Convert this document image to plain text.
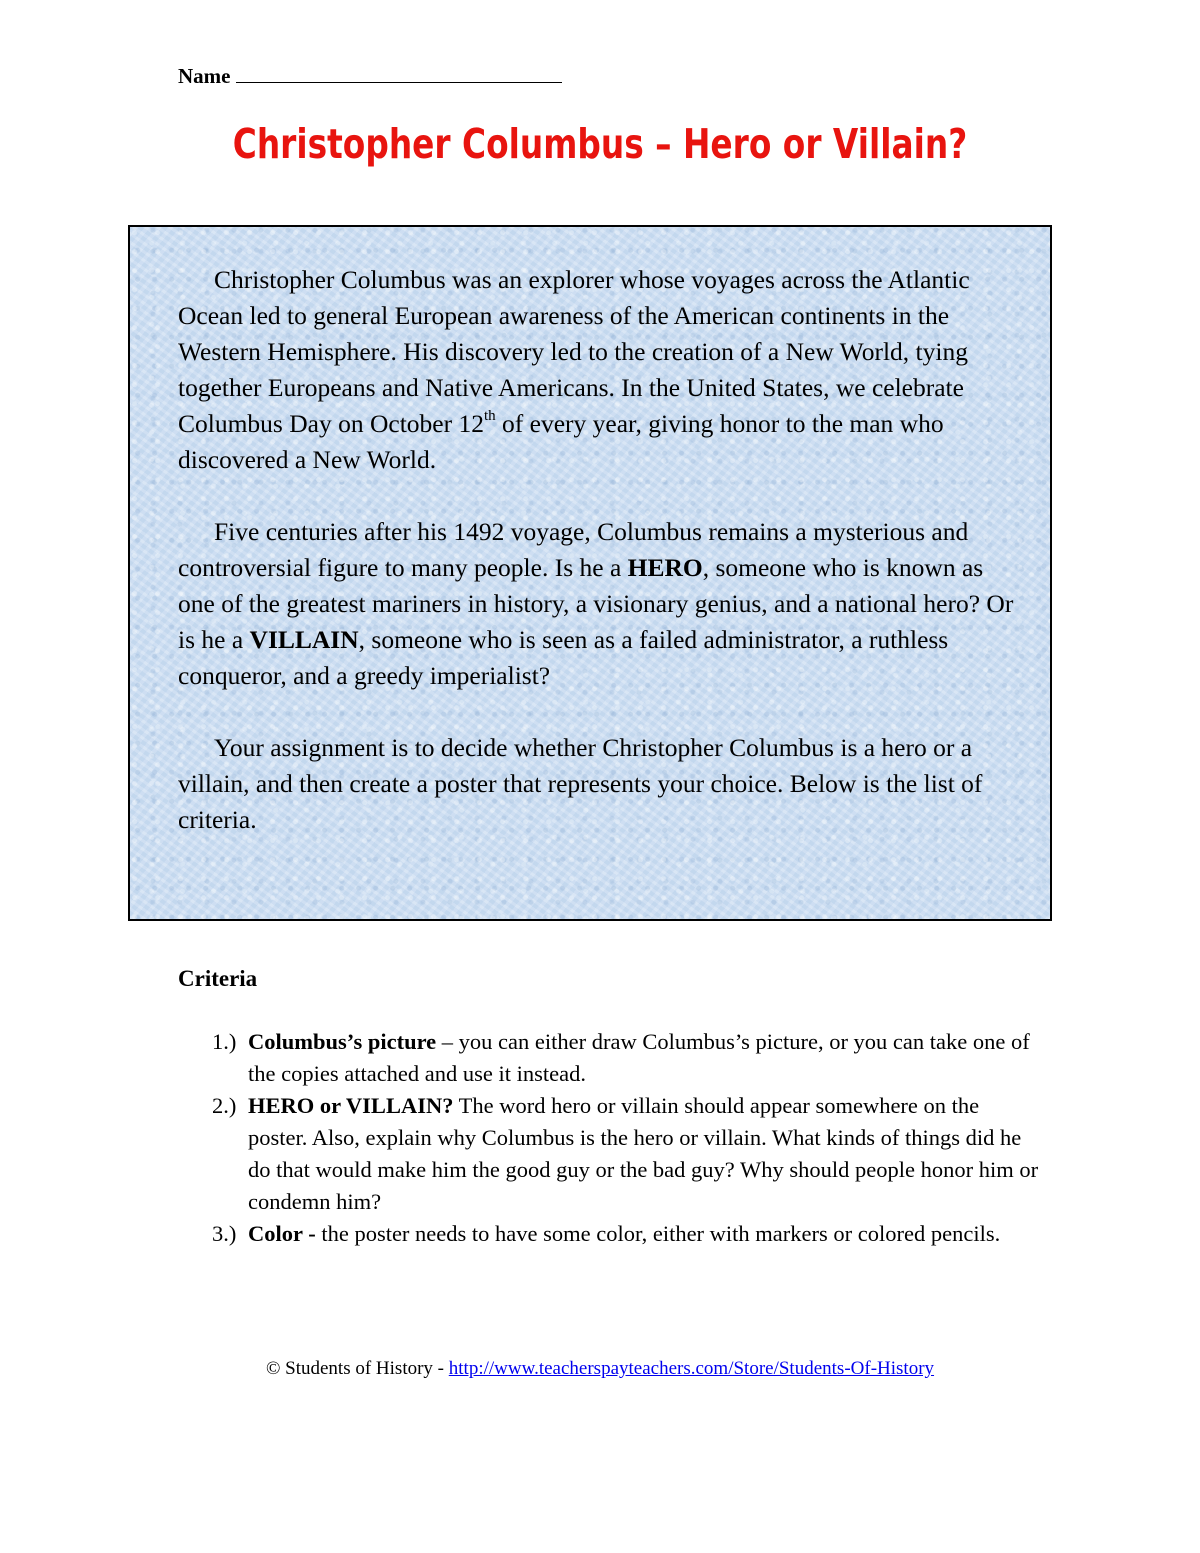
Name
Christopher Columbus – Hero or Villain?

Christopher Columbus was an explorer whose voyages across the Atlantic Ocean led to general European awareness of the American continents in the Western Hemisphere. His discovery led to the creation of a New World, tying together Europeans and Native Americans. In the United States, we celebrate Columbus Day on October 12th of every year, giving honor to the man who discovered a New World.

Five centuries after his 1492 voyage, Columbus remains a mysterious and controversial figure to many people. Is he a HERO, someone who is known as one of the greatest mariners in history, a visionary genius, and a national hero? Or is he a VILLAIN, someone who is seen as a failed administrator, a ruthless conqueror, and a greedy imperialist?

Your assignment is to decide whether Christopher Columbus is a hero or a villain, and then create a poster that represents your choice. Below is the list of criteria.

Criteria
1.) Columbus’s picture – you can either draw Columbus’s picture, or you can take one of the copies attached and use it instead.
2.) HERO or VILLAIN? The word hero or villain should appear somewhere on the poster. Also, explain why Columbus is the hero or villain. What kinds of things did he do that would make him the good guy or the bad guy? Why should people honor him or condemn him?
3.) Color - the poster needs to have some color, either with markers or colored pencils.
© Students of History - http://www.teacherspayteachers.com/Store/Students-Of-History
